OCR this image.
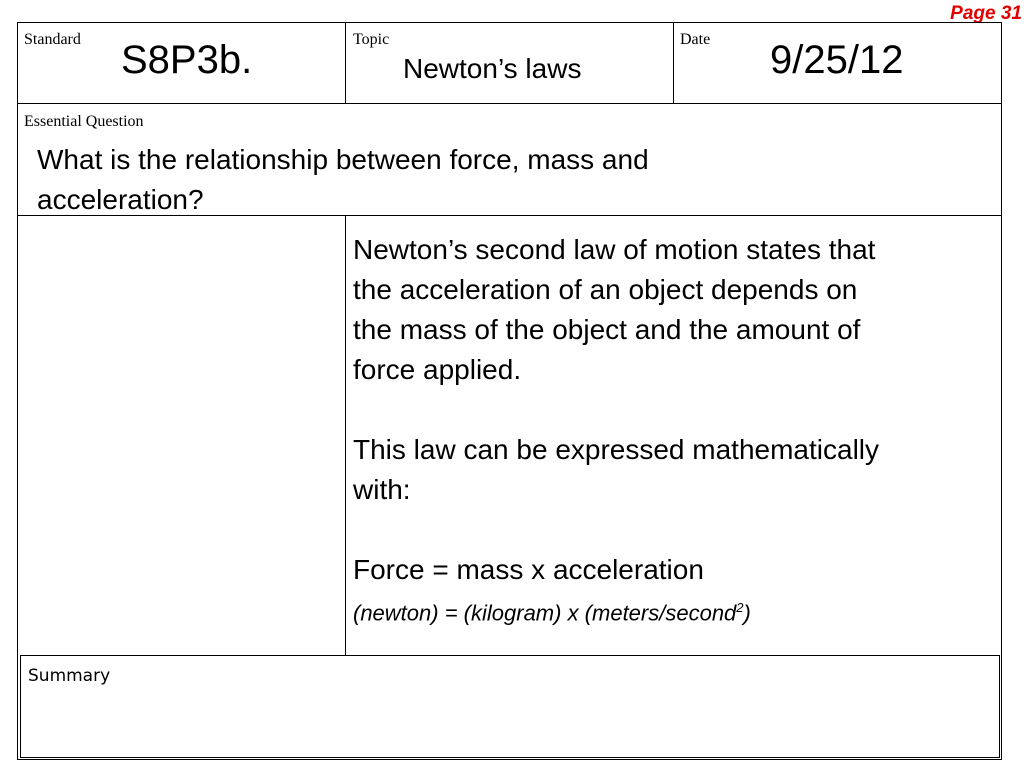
Page 31
Standard S8P3b.	Topic
Newton’s laws
Date 9/25/12
Essential Question
What is the relationship between force, mass and
acceleration?

Newton’s second law of motion states that

the acceleration of an object depends on

the mass of the object and the amount of

force applied.

This law can be expressed mathematically

with:

Force = mass x acceleration

(newton) = (kilogram) x (meters/second$^2$)

Summary
